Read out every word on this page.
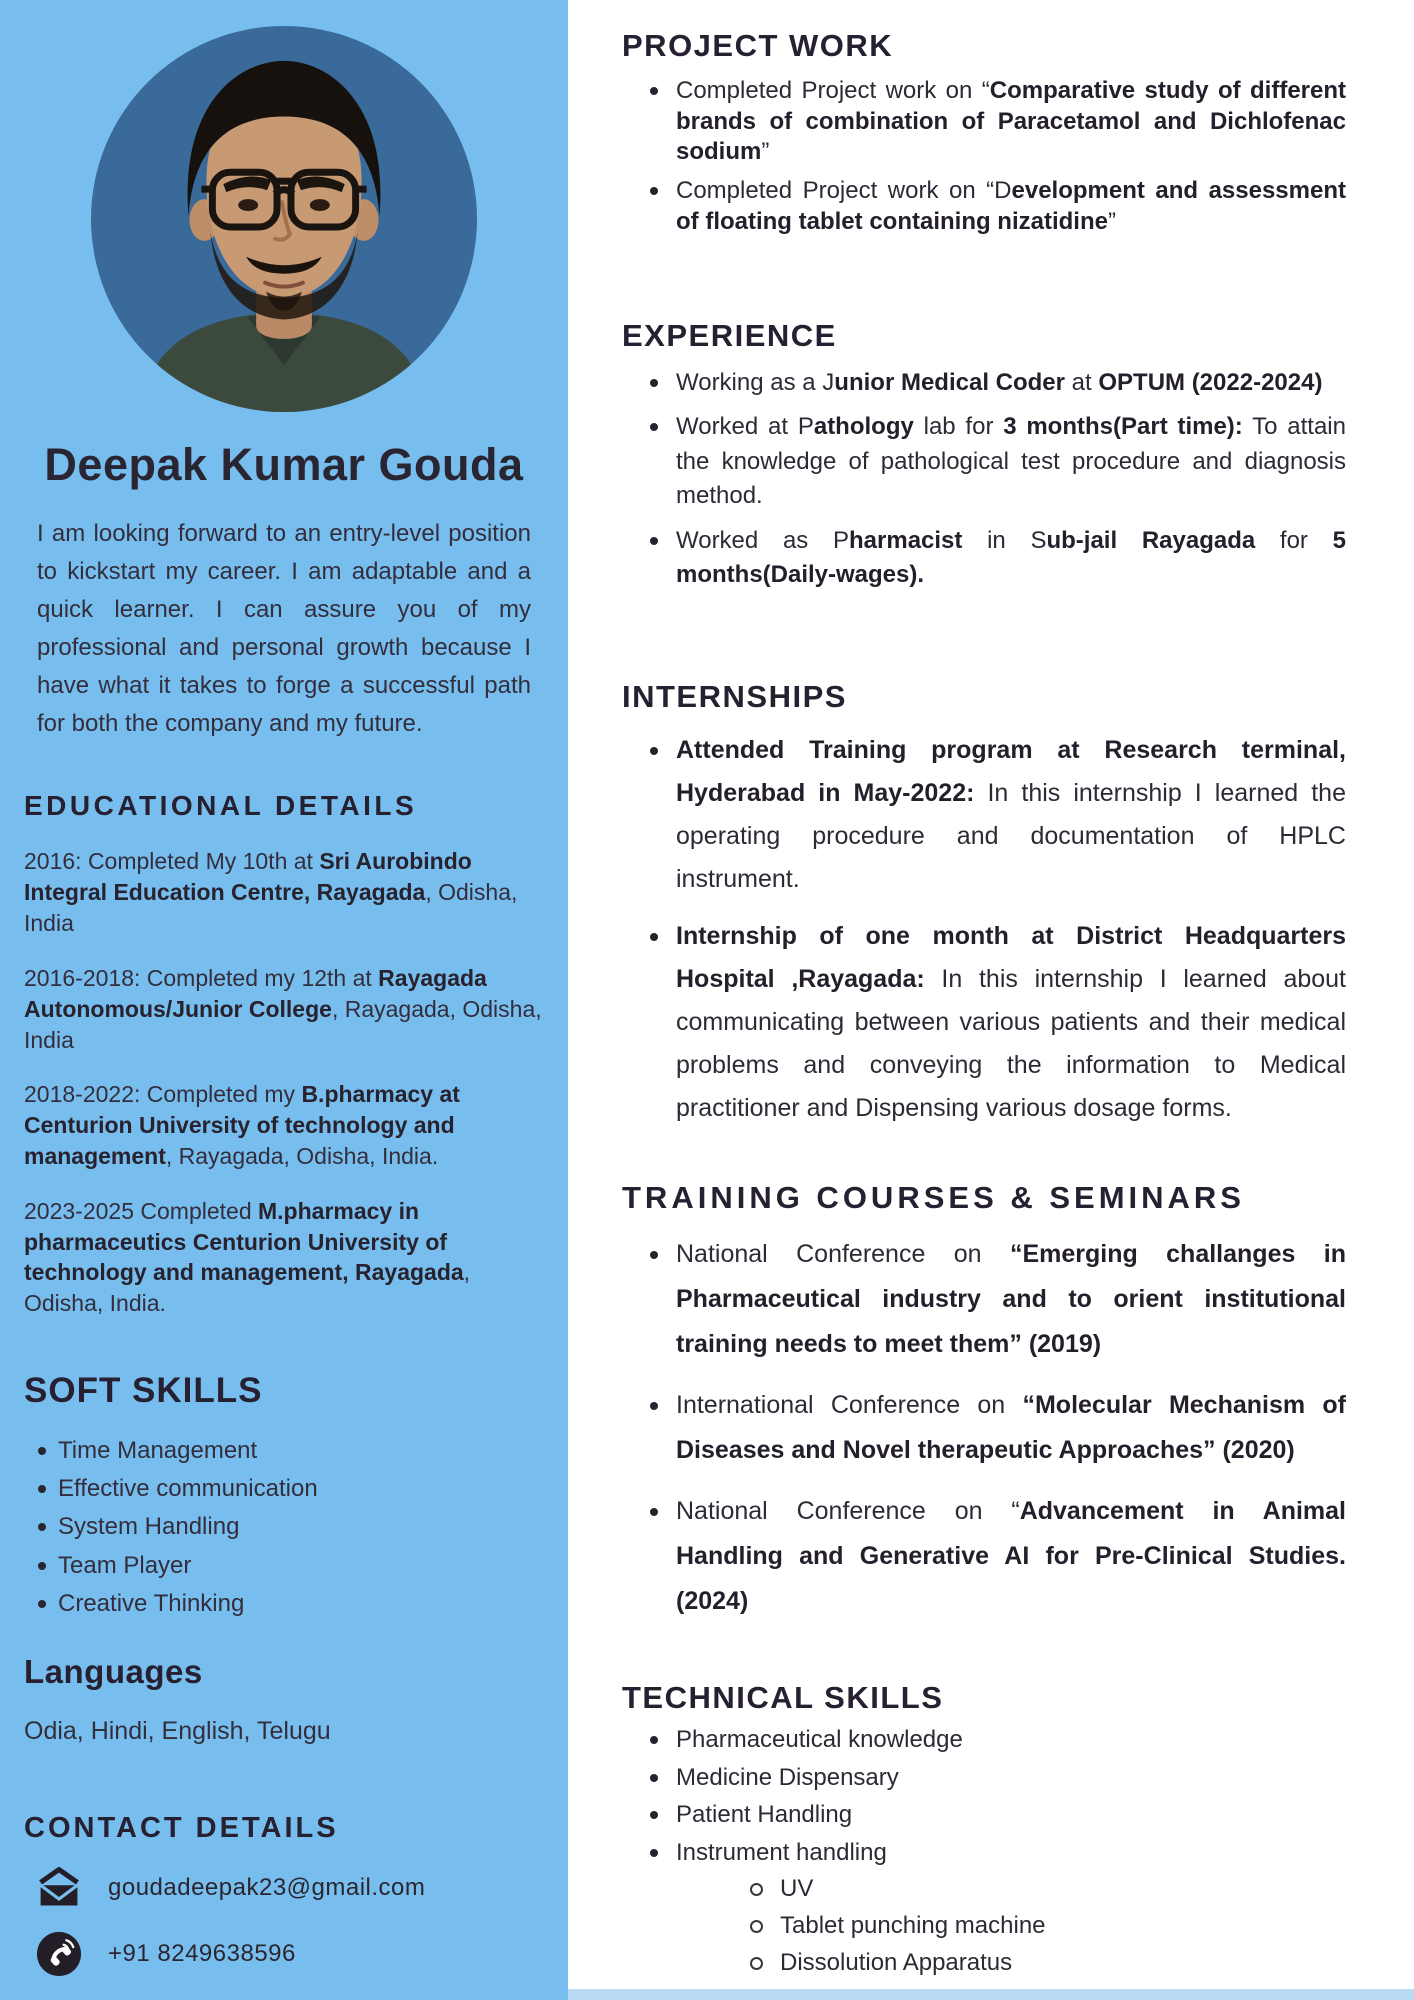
Deepak Kumar Gouda

I am looking forward to an entry-level position to kickstart my career. I am adaptable and a quick learner. I can assure you of my professional and personal growth because I have what it takes to forge a successful path for both the company and my future.

EDUCATIONAL DETAILS

2016: Completed My 10th at Sri Aurobindo Integral Education Centre, Rayagada, Odisha, India

2016-2018: Completed my 12th at Rayagada Autonomous/Junior College, Rayagada, Odisha, India

2018-2022: Completed my B.pharmacy at Centurion University of technology and management, Rayagada, Odisha, India.

2023-2025 Completed M.pharmacy in pharmaceutics Centurion University of technology and management, Rayagada, Odisha, India.

SOFT SKILLS
Time Management
Effective communication
System Handling
Team Player
Creative Thinking
Languages

Odia, Hindi, English, Telugu

CONTACT DETAILS
goudadeepak23@gmail.com
+91 8249638596
PROJECT WORK
Completed Project work on “Comparative study of different brands of combination of Paracetamol and Dichlofenac sodium”
Completed Project work on “Development and assessment of floating tablet containing nizatidine”
EXPERIENCE
Working as a Junior Medical Coder at OPTUM (2022-2024)
Worked at Pathology lab for 3 months(Part time): To attain the knowledge of pathological test procedure and diagnosis method.
Worked as Pharmacist in Sub-jail Rayagada for 5 months(Daily-wages).
INTERNSHIPS
Attended Training program at Research terminal, Hyderabad in May-2022: In this internship I learned the operating procedure and documentation of HPLC instrument.
Internship of one month at District Headquarters Hospital ,Rayagada: In this internship I learned about communicating between various patients and their medical problems and conveying the information to Medical practitioner and Dispensing various dosage forms.
TRAINING COURSES & SEMINARS
National Conference on “Emerging challanges in Pharmaceutical industry and to orient institutional training needs to meet them” (2019)
International Conference on “Molecular Mechanism of Diseases and Novel therapeutic Approaches” (2020)
National Conference on “Advancement in Animal Handling and Generative AI for Pre-Clinical Studies. (2024)
TECHNICAL SKILLS
Pharmaceutical knowledge
Medicine Dispensary
Patient Handling
Instrument handling
UV
Tablet punching machine
Dissolution Apparatus
